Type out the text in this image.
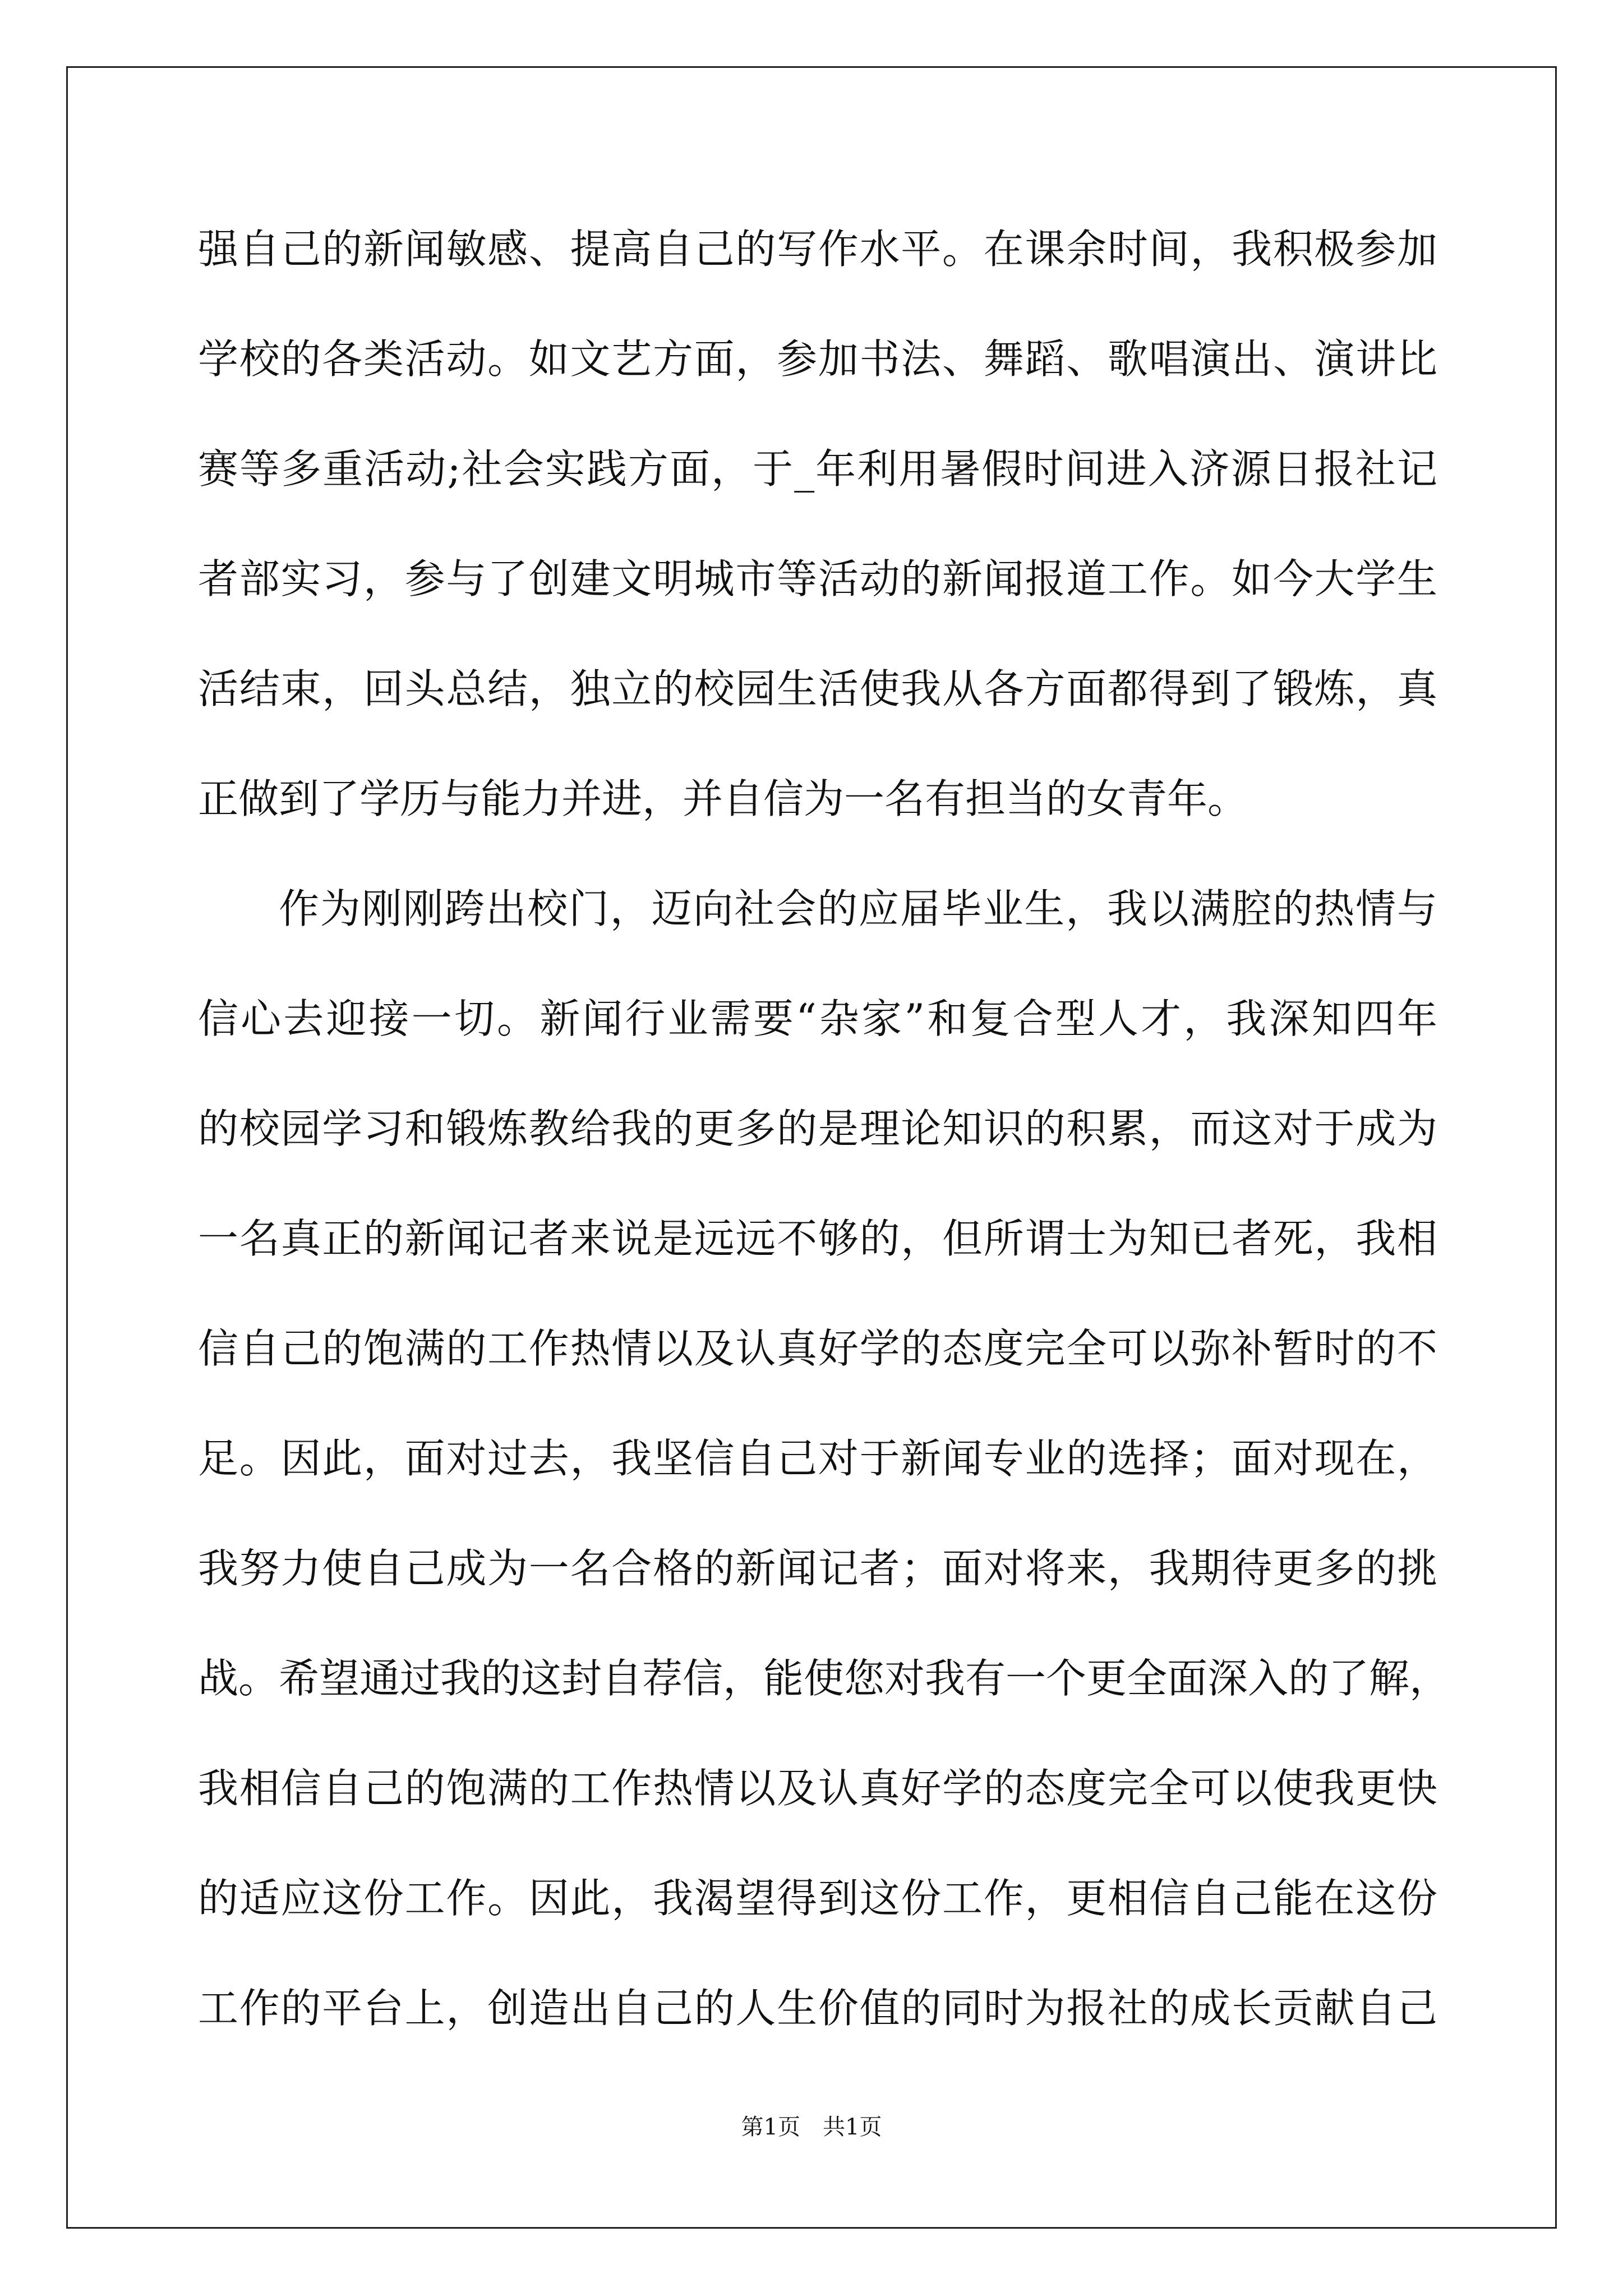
强自己的新闻敏感、提高自己的写作水平。在课余时间，我积极参加
学校的各类活动。如文艺方面，参加书法、舞蹈、歌唱演出、演讲比
赛等多重活动;社会实践方面，于_年利用暑假时间进入济源日报社记
者部实习，参与了创建文明城市等活动的新闻报道工作。如今大学生
活结束，回头总结，独立的校园生活使我从各方面都得到了锻炼，真
正做到了学历与能力并进，并自信为一名有担当的女青年。
作为刚刚跨出校门，迈向社会的应届毕业生，我以满腔的热情与
信心去迎接一切。新闻行业需要“杂家”和复合型人才，我深知四年
的校园学习和锻炼教给我的更多的是理论知识的积累，而这对于成为
一名真正的新闻记者来说是远远不够的，但所谓士为知已者死，我相
信自己的饱满的工作热情以及认真好学的态度完全可以弥补暂时的不
足。因此，面对过去，我坚信自己对于新闻专业的选择；面对现在，
我努力使自己成为一名合格的新闻记者；面对将来，我期待更多的挑
战。希望通过我的这封自荐信，能使您对我有一个更全面深入的了解，
我相信自己的饱满的工作热情以及认真好学的态度完全可以使我更快
的适应这份工作。因此，我渴望得到这份工作，更相信自己能在这份
工作的平台上，创造出自己的人生价值的同时为报社的成长贡献自己
第1页　共1页
